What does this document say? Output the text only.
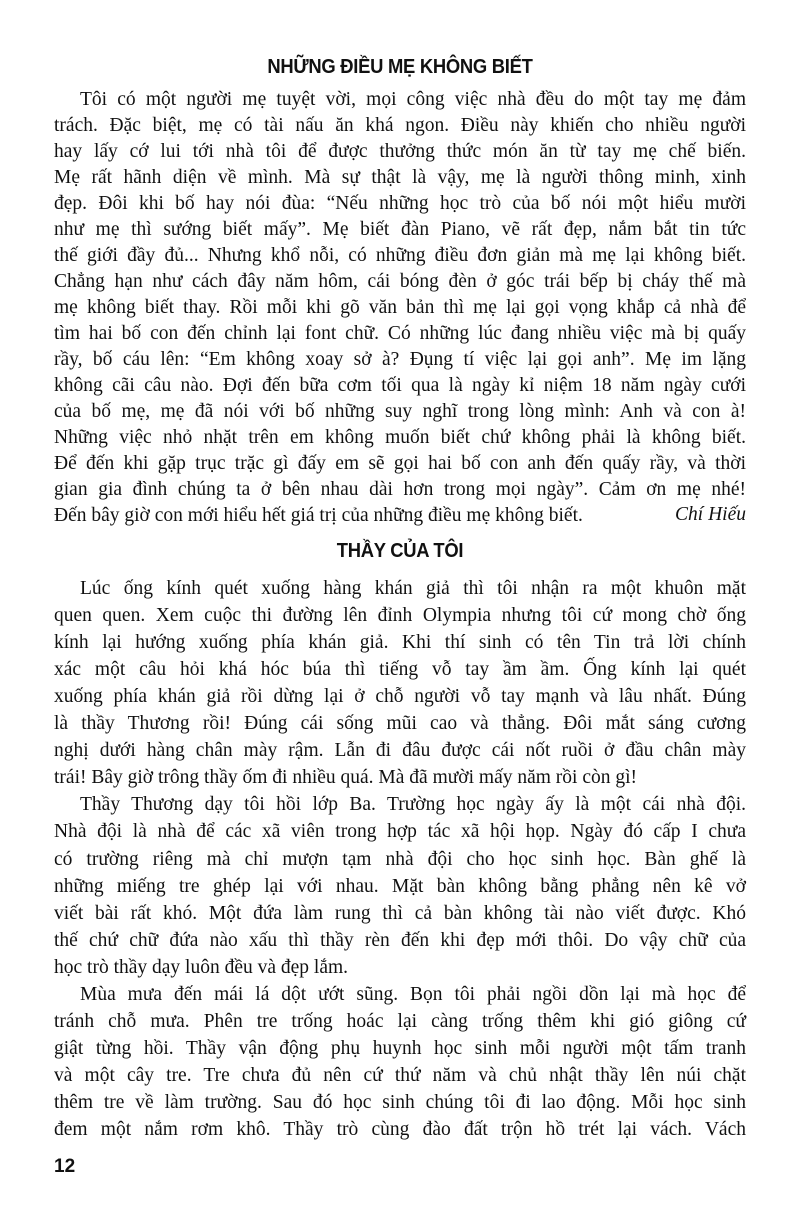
NHỮNG ĐIỀU MẸ KHÔNG BIẾT
Tôi có một người mẹ tuyệt vời, mọi công việc nhà đều do một tay mẹ đảm
trách. Đặc biệt, mẹ có tài nấu ăn khá ngon. Điều này khiến cho nhiều người
hay lấy cớ lui tới nhà tôi để được thưởng thức món ăn từ tay mẹ chế biến.
Mẹ rất hãnh diện về mình. Mà sự thật là vậy, mẹ là người thông minh, xinh
đẹp. Đôi khi bố hay nói đùa: “Nếu những học trò của bố nói một hiểu mười
như mẹ thì sướng biết mấy”. Mẹ biết đàn Piano, vẽ rất đẹp, nắm bắt tin tức
thế giới đầy đủ... Nhưng khổ nỗi, có những điều đơn giản mà mẹ lại không biết.
Chẳng hạn như cách đây năm hôm, cái bóng đèn ở góc trái bếp bị cháy thế mà
mẹ không biết thay. Rồi mỗi khi gõ văn bản thì mẹ lại gọi vọng khắp cả nhà để
tìm hai bố con đến chỉnh lại font chữ. Có những lúc đang nhiều việc mà bị quấy
rầy, bố cáu lên: “Em không xoay sở à? Đụng tí việc lại gọi anh”. Mẹ im lặng
không cãi câu nào. Đợi đến bữa cơm tối qua là ngày kỉ niệm 18 năm ngày cưới
của bố mẹ, mẹ đã nói với bố những suy nghĩ trong lòng mình: Anh và con à!
Những việc nhỏ nhặt trên em không muốn biết chứ không phải là không biết.
Để đến khi gặp trục trặc gì đấy em sẽ gọi hai bố con anh đến quấy rầy, và thời
gian gia đình chúng ta ở bên nhau dài hơn trong mọi ngày”. Cảm ơn mẹ nhé!
Đến bây giờ con mới hiểu hết giá trị của những điều mẹ không biết.	Chí Hiếu
THẦY CỦA TÔI
Lúc ống kính quét xuống hàng khán giả thì tôi nhận ra một khuôn mặt
quen quen. Xem cuộc thi đường lên đỉnh Olympia nhưng tôi cứ mong chờ ống
kính lại hướng xuống phía khán giả. Khi thí sinh có tên Tin trả lời chính
xác một câu hỏi khá hóc búa thì tiếng vỗ tay ầm ầm. Ống kính lại quét
xuống phía khán giả rồi dừng lại ở chỗ người vỗ tay mạnh và lâu nhất. Đúng
là thầy Thương rồi! Đúng cái sống mũi cao và thẳng. Đôi mắt sáng cương
nghị dưới hàng chân mày rậm. Lẫn đi đâu được cái nốt ruồi ở đầu chân mày
trái! Bây giờ trông thầy ốm đi nhiều quá. Mà đã mười mấy năm rồi còn gì!
Thầy Thương dạy tôi hồi lớp Ba. Trường học ngày ấy là một cái nhà đội.
Nhà đội là nhà để các xã viên trong hợp tác xã hội họp. Ngày đó cấp I chưa
có trường riêng mà chỉ mượn tạm nhà đội cho học sinh học. Bàn ghế là
những miếng tre ghép lại với nhau. Mặt bàn không bằng phẳng nên kê vở
viết bài rất khó. Một đứa làm rung thì cả bàn không tài nào viết được. Khó
thế chứ chữ đứa nào xấu thì thầy rèn đến khi đẹp mới thôi. Do vậy chữ của
học trò thầy dạy luôn đều và đẹp lắm.
Mùa mưa đến mái lá dột ướt sũng. Bọn tôi phải ngồi dồn lại mà học để
tránh chỗ mưa. Phên tre trống hoác lại càng trống thêm khi gió giông cứ
giật từng hồi. Thầy vận động phụ huynh học sinh mỗi người một tấm tranh
và một cây tre. Tre chưa đủ nên cứ thứ năm và chủ nhật thầy lên núi chặt
thêm tre về làm trường. Sau đó học sinh chúng tôi đi lao động. Mỗi học sinh
đem một nắm rơm khô. Thầy trò cùng đào đất trộn hồ trét lại vách. Vách
12
